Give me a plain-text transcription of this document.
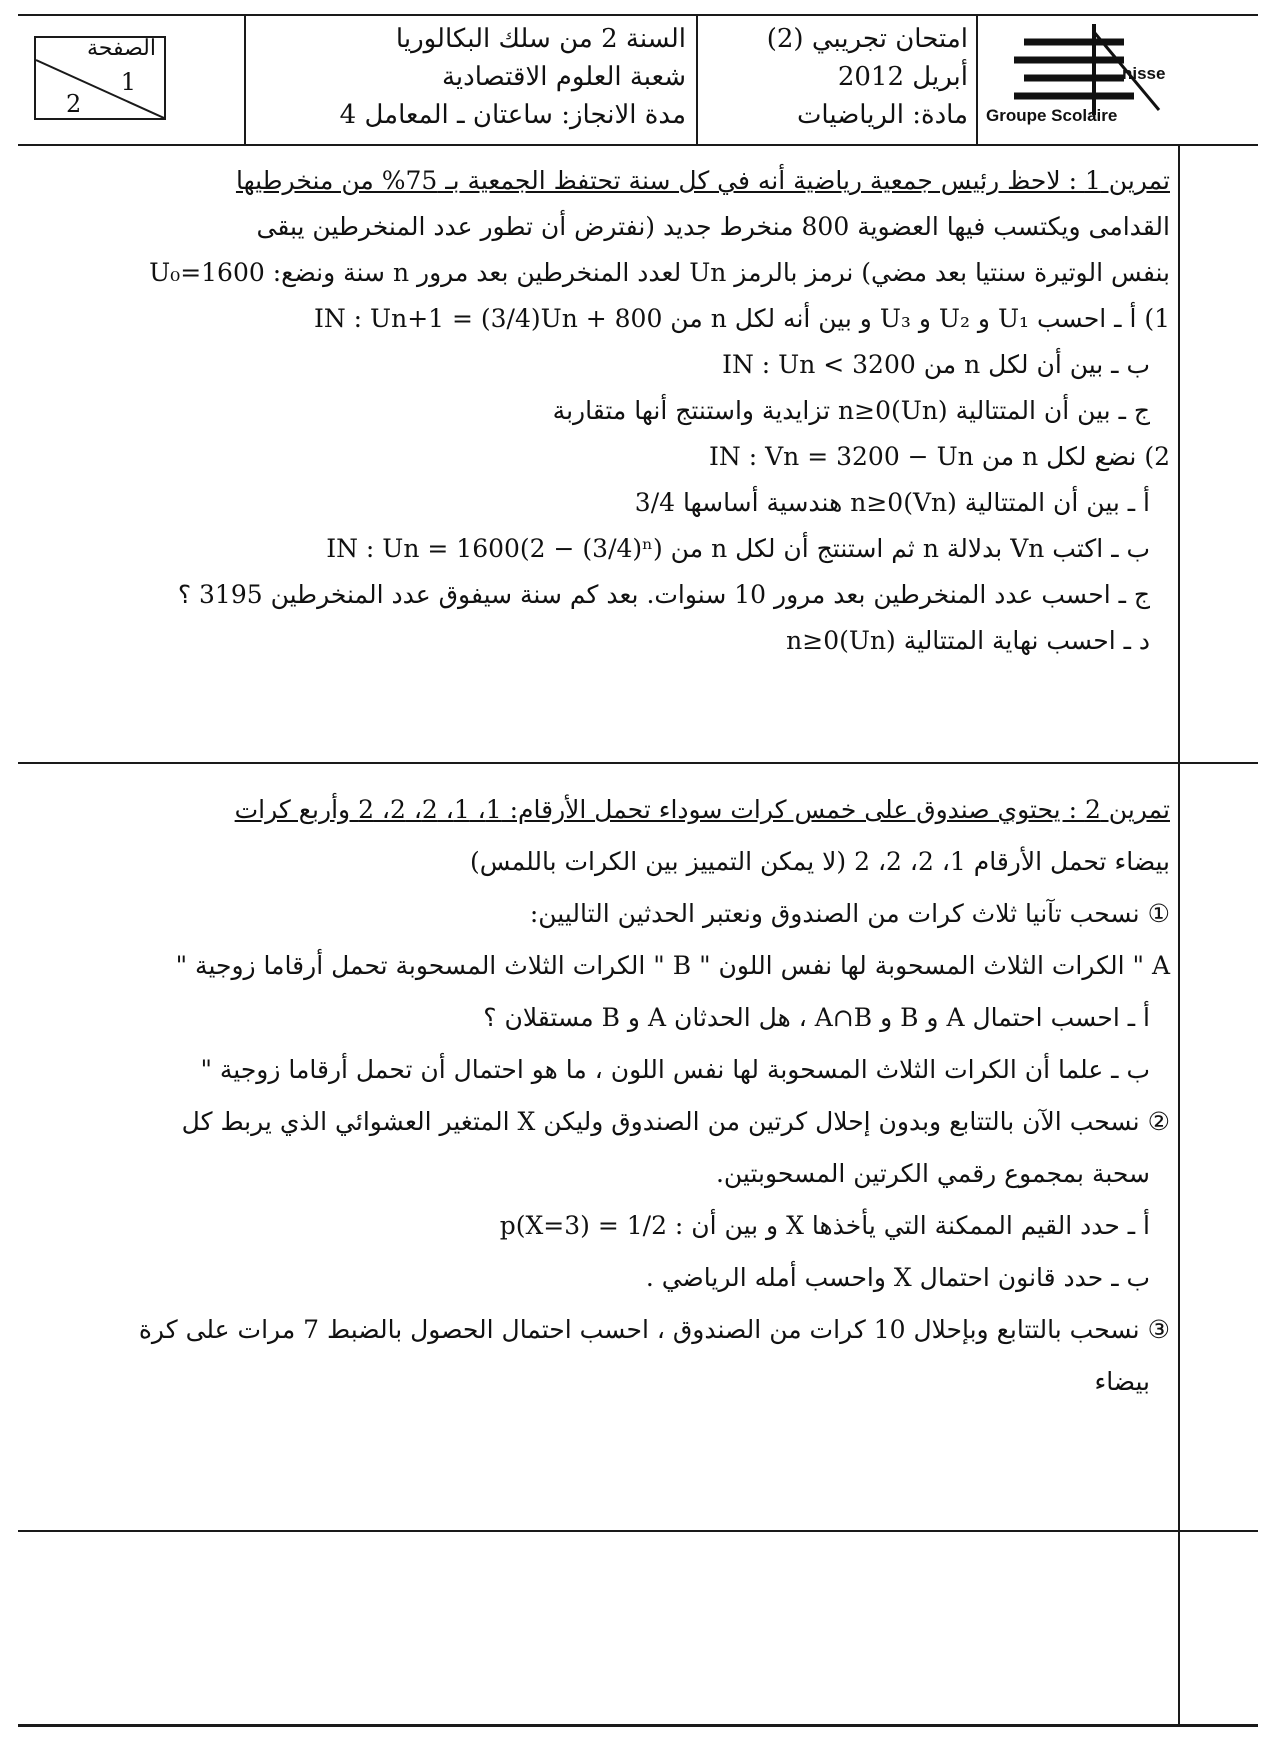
الصفحة
1
2
السنة 2 من سلك البكالوريا
شعبة العلوم الاقتصادية
مدة الانجاز: ساعتان ـ المعامل 4
امتحان تجريبي (2)
أبريل 2012
مادة: الرياضيات
nisse
Groupe Scolaire

تمرين 1 : لاحظ رئيس جمعية رياضية أنه في كل سنة تحتفظ الجمعية بـ 75% من منخرطيها

القدامى ويكتسب فيها العضوية 800 منخرط جديد (نفترض أن تطور عدد المنخرطين يبقى

بنفس الوتيرة سنتيا بعد مضي) نرمز بالرمز Un لعدد المنخرطين بعد مرور n سنة ونضع: U₀=1600

1) أ ـ احسب U₁ و U₂ و U₃ و بين أنه لكل n من IN : Un+1 = (3/4)Un + 800

ب ـ بين أن لكل n من IN : Un < 3200

ج ـ بين أن المتتالية (Un)n≥0 تزايدية واستنتج أنها متقاربة

2) نضع لكل n من IN : Vn = 3200 − Un

أ ـ بين أن المتتالية (Vn)n≥0 هندسية أساسها 3/4

ب ـ اكتب Vn بدلالة n ثم استنتج أن لكل n من IN : Un = 1600(2 − (3/4)ⁿ)

ج ـ احسب عدد المنخرطين بعد مرور 10 سنوات. بعد كم سنة سيفوق عدد المنخرطين 3195 ؟

د ـ احسب نهاية المتتالية (Un)n≥0

تمرين 2 : يحتوي صندوق على خمس كرات سوداء تحمل الأرقام: 1، 1، 2، 2، 2 وأربع كرات

بيضاء تحمل الأرقام 1، 2، 2، 2 (لا يمكن التمييز بين الكرات باللمس)

① نسحب تآنيا ثلاث كرات من الصندوق ونعتبر الحدثين التاليين:

A " الكرات الثلاث المسحوبة لها نفس اللون " B " الكرات الثلاث المسحوبة تحمل أرقاما زوجية "

أ ـ احسب احتمال A و B و A∩B ، هل الحدثان A و B مستقلان ؟

ب ـ علما أن الكرات الثلاث المسحوبة لها نفس اللون ، ما هو احتمال أن تحمل أرقاما زوجية "

② نسحب الآن بالتتابع وبدون إحلال كرتين من الصندوق وليكن X المتغير العشوائي الذي يربط كل

سحبة بمجموع رقمي الكرتين المسحوبتين.

أ ـ حدد القيم الممكنة التي يأخذها X و بين أن : p(X=3) = 1/2

ب ـ حدد قانون احتمال X واحسب أمله الرياضي .

③ نسحب بالتتابع وبإحلال 10 كرات من الصندوق ، احسب احتمال الحصول بالضبط 7 مرات على كرة

بيضاء
